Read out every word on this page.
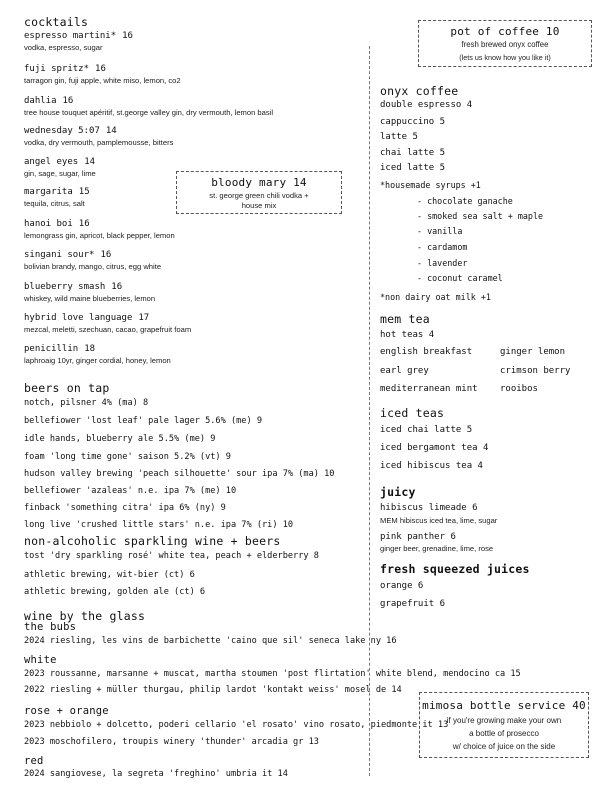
cocktails
espresso martini* 16
vodka, espresso, sugar
fuji spritz* 16
tarragon gin, fuji apple, white miso, lemon, co2
dahlia 16
tree house touquet apéritif, st.george valley gin, dry vermouth, lemon basil
wednesday 5:07 14
vodka, dry vermouth, pamplemousse, bitters
angel eyes 14
gin, sage, sugar, lime
margarita 15
tequila, citrus, salt
hanoi boi 16
lemongrass gin, apricot, black pepper, lemon
singani sour* 16
bolivian brandy, mango, citrus, egg white
blueberry smash 16
whiskey, wild maine blueberries, lemon
hybrid love language 17
mezcal, meletti, szechuan, cacao, grapefruit foam
penicillin 18
laphroaig 10yr, ginger cordial, honey, lemon
bloody mary 14
st. george green chili vodka +
house mix
beers on tap
notch, pilsner 4% (ma) 8
bellefiower 'lost leaf' pale lager 5.6% (me) 9
idle hands, blueberry ale 5.5% (me) 9
foam 'long time gone' saison 5.2% (vt) 9
hudson valley brewing 'peach silhouette' sour ipa 7% (ma) 10
bellefiower 'azaleas' n.e. ipa 7% (me) 10
finback 'something citra' ipa 6% (ny) 9
long live 'crushed little stars' n.e. ipa 7% (ri) 10
non-alcoholic sparkling wine + beers
tost 'dry sparkling rosé' white tea, peach + elderberry 8
athletic brewing, wit-bier (ct) 6
athletic brewing, golden ale (ct) 6
wine by the glass
the bubs
2024 riesling, les vins de barbichette 'caino que sil' seneca lake ny 16
white
2023 roussanne, marsanne + muscat, martha stoumen 'post flirtation' white blend, mendocino ca 15
2022 riesling + müller thurgau, philip lardot 'kontakt weiss' mosel de 14
rose + orange
2023 nebbiolo + dolcetto, poderi cellario 'el rosato' vino rosato, piedmonte it 13
2023 moschofilero, troupis winery 'thunder' arcadia gr 13
red
2024 sangiovese, la segreta 'freghino' umbria it 14
mimosa bottle service 40
if you're growing make your own
a bottle of prosecco
w/ choice of juice on the side
pot of coffee 10
fresh brewed onyx coffee
(lets us know how you like it)
onyx coffee
double espresso 4
cappuccino 5
latte 5
chai latte 5
iced latte 5
*housemade syrups +1
- chocolate ganache
- smoked sea salt + maple
- vanilla
- cardamom
- lavender
- coconut caramel
*non dairy oat milk +1
mem tea
hot teas 4
english breakfast
earl grey
mediterranean mint
ginger lemon
crimson berry
rooibos
iced teas
iced chai latte 5
iced bergamont tea 4
iced hibiscus tea 4
juicy
hibiscus limeade 6
MEM hibiscus iced tea, lime, sugar
pink panther 6
ginger beer, grenadine, lime, rose
fresh squeezed juices
orange 6
grapefruit 6
